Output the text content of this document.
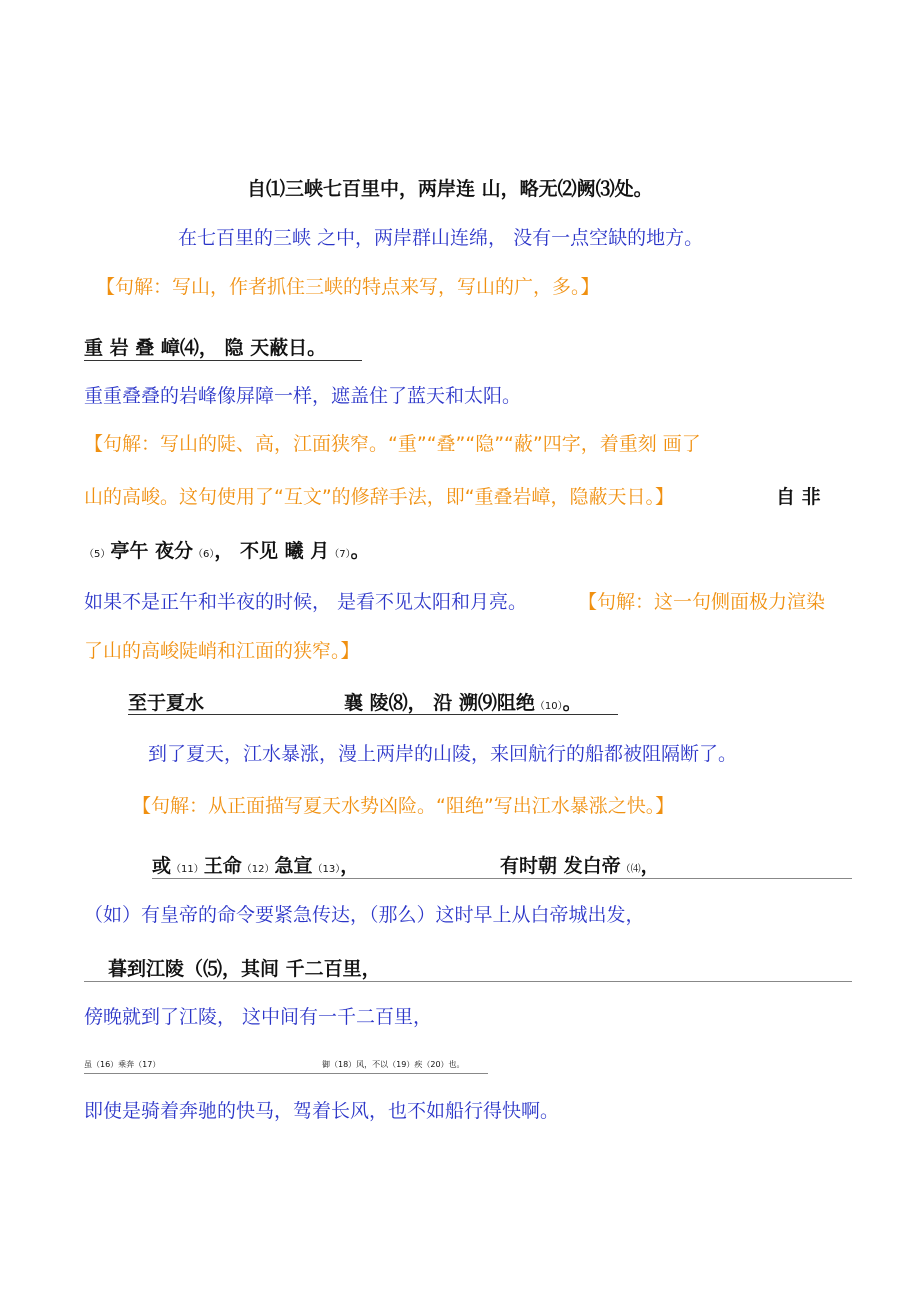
自⑴三峡七百里中，两岸连 山，略无⑵阙⑶处。
在七百里的三峡 之中，两岸群山连绵， 没有一点空缺的地方。
【句解：写山，作者抓住三峡的特点来写，写山的广，多。】
重 岩 叠 嶂⑷， 隐 天蔽日。
重重叠叠的岩峰像屏障一样，遮盖住了蓝天和太阳。
【句解：写山的陡、高，江面狭窄。“重”“叠”“隐”“蔽”四字，着重刻 画了
山的高峻。这句使用了“互文”的修辞手法，即“重叠岩嶂，隐蔽天日。】	自 非
（5）亭午 夜分（6）， 不见 曦 月（7）。
如果不是正午和半夜的时候， 是看不见太阳和月亮。	【句解：这一句侧面极力渲染
了山的高峻陡峭和江面的狭窄。】
至于夏水	襄 陵⑻， 沿 溯⑼阻绝（10）。
到了夏天，江水暴涨，漫上两岸的山陵，来回航行的船都被阻隔断了。
【句解：从正面描写夏天水势凶险。“阻绝”写出江水暴涨之快。】
或（11）王命（12）急宣（13），	有时朝 发白帝（⑷，
（如）有皇帝的命令要紧急传达，（那么）这时早上从白帝城出发，
暮到江陵（⑸，其间 千二百里，
傍晚就到了江陵， 这中间有一千二百里，
虽（16）乘奔（17）	御（18）风，不以（19）疾（20）也。
即使是骑着奔驰的快马，驾着长风，也不如船行得快啊。
